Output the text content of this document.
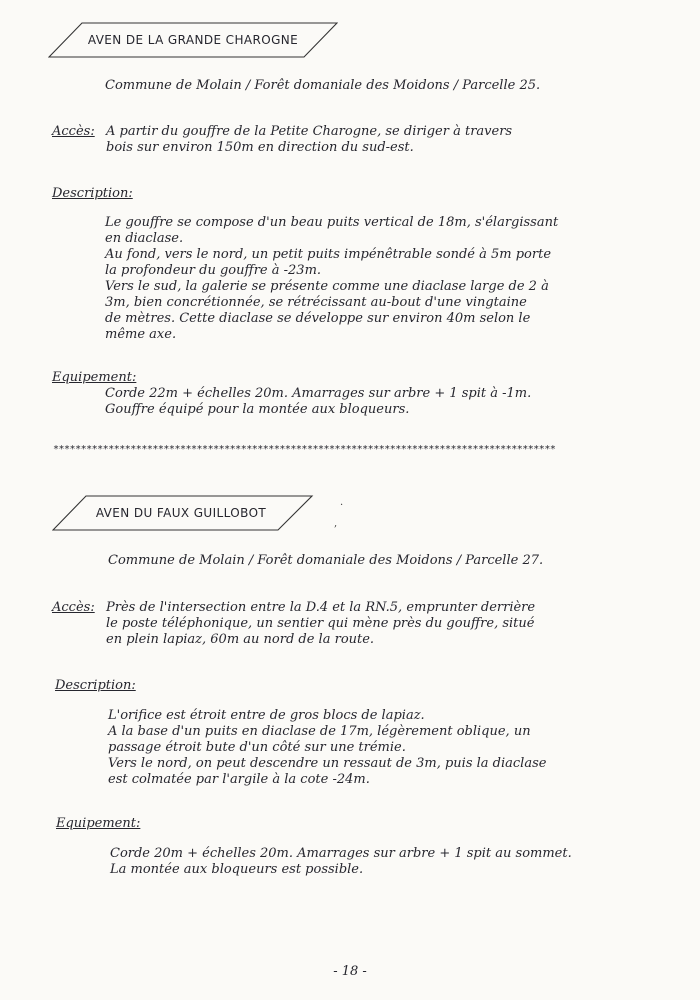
AVEN DE LA GRANDE CHAROGNE
Commune de Molain / Forêt domaniale des Moidons / Parcelle 25.
Accès: A partir du gouffre de la Petite Charogne, se diriger à travers
bois sur environ 150m en direction du sud-est.
Description:
Le gouffre se compose d'un beau puits vertical de 18m, s'élargissant
en diaclase.
Au fond, vers le nord, un petit puits impénêtrable sondé à 5m porte
la profondeur du gouffre à -23m.
Vers le sud, la galerie se présente comme une diaclase large de 2 à
3m, bien concrétionnée, se rétrécissant au-bout d'une vingtaine
de mètres. Cette diaclase se développe sur environ 40m selon le
même axe.
Equipement:
Corde 22m + échelles 20m. Amarrages sur arbre + 1 spit à -1m.
Gouffre équipé pour la montée aux bloqueurs.
*******************************************************************************************
AVEN DU FAUX GUILLOBOT
Commune de Molain / Forêt domaniale des Moidons / Parcelle 27.
Accès: Près de l'intersection entre la D.4 et la RN.5, emprunter derrière
le poste téléphonique, un sentier qui mène près du gouffre, situé
en plein lapiaz, 60m au nord de la route.
Description:
L'orifice est étroit entre de gros blocs de lapiaz.
A la base d'un puits en diaclase de 17m, légèrement oblique, un
passage étroit bute d'un côté sur une trémie.
Vers le nord, on peut descendre un ressaut de 3m, puis la diaclase
est colmatée par l'argile à la cote -24m.
Equipement:
Corde 20m + échelles 20m. Amarrages sur arbre + 1 spit au sommet.
La montée aux bloqueurs est possible.
·
,
- 18 -
